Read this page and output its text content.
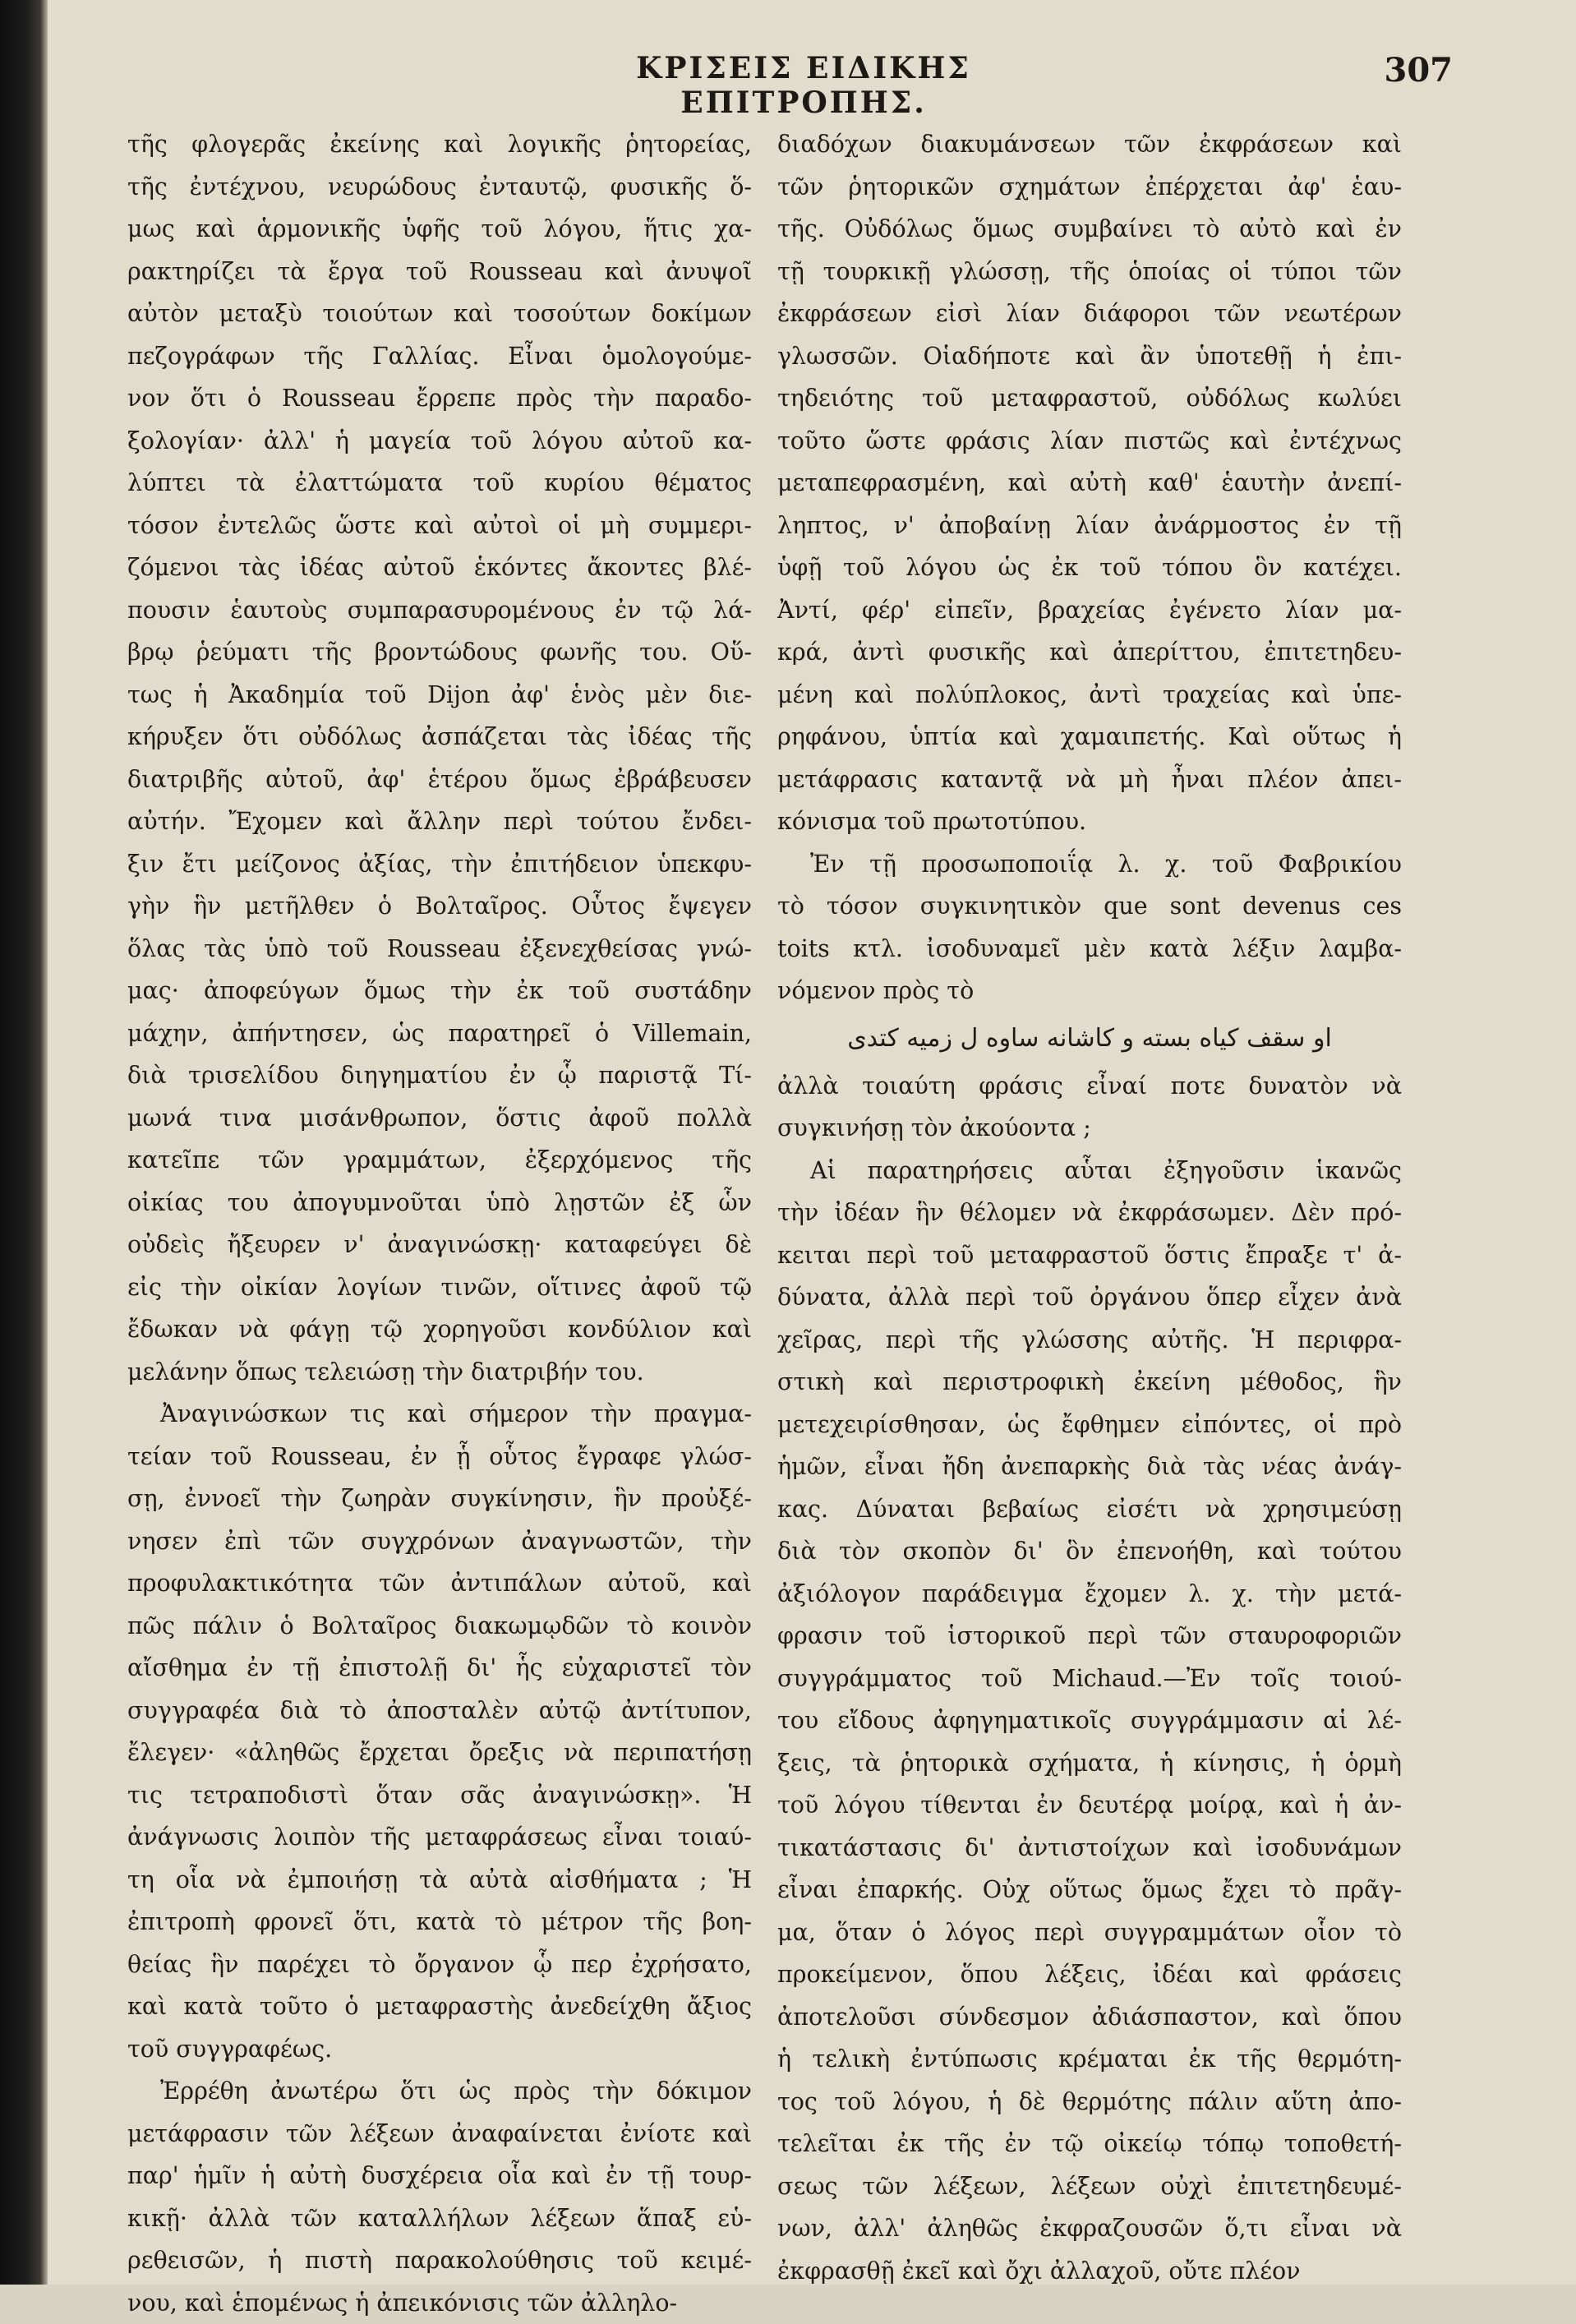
ΚΡΙΣΕΙΣ ΕΙΔΙΚΗΣ ΕΠΙΤΡΟΠΗΣ.
307
τῆς φλογερᾶς ἐκείνης καὶ λογικῆς ῥητορείας,
τῆς ἐντέχνου, νευρώδους ἐνταυτῷ, φυσικῆς ὅ-
μως καὶ ἁρμονικῆς ὑφῆς τοῦ λόγου, ἥτις χα-
ρακτηρίζει τὰ ἔργα τοῦ Rousseau καὶ ἀνυψοῖ
αὐτὸν μεταξὺ τοιούτων καὶ τοσούτων δοκίμων
πεζογράφων τῆς Γαλλίας. Εἶναι ὁμολογούμε-
νον ὅτι ὁ Rousseau ἔρρεπε πρὸς τὴν παραδο-
ξολογίαν· ἀλλ' ἡ μαγεία τοῦ λόγου αὐτοῦ κα-
λύπτει τὰ ἐλαττώματα τοῦ κυρίου θέματος
τόσον ἐντελῶς ὥστε καὶ αὐτοὶ οἱ μὴ συμμερι-
ζόμενοι τὰς ἰδέας αὐτοῦ ἑκόντες ἄκοντες βλέ-
πουσιν ἑαυτοὺς συμπαρασυρομένους ἐν τῷ λά-
βρῳ ῥεύματι τῆς βροντώδους φωνῆς του. Οὕ-
τως ἡ Ἀκαδημία τοῦ Dijon ἀφ' ἑνὸς μὲν διε-
κήρυξεν ὅτι οὐδόλως ἀσπάζεται τὰς ἰδέας τῆς
διατριβῆς αὐτοῦ, ἀφ' ἑτέρου ὅμως ἐβράβευσεν
αὐτήν. Ἔχομεν καὶ ἄλλην περὶ τούτου ἔνδει-
ξιν ἔτι μείζονος ἀξίας, τὴν ἐπιτήδειον ὑπεκφυ-
γὴν ἣν μετῆλθεν ὁ Βολταῖρος. Οὗτος ἔψεγεν
ὅλας τὰς ὑπὸ τοῦ Rousseau ἐξενεχθείσας γνώ-
μας· ἀποφεύγων ὅμως τὴν ἐκ τοῦ συστάδην
μάχην, ἀπήντησεν, ὡς παρατηρεῖ ὁ Villemain,
διὰ τρισελίδου διηγηματίου ἐν ᾧ παριστᾷ Τί-
μωνά τινα μισάνθρωπον, ὅστις ἀφοῦ πολλὰ
κατεῖπε τῶν γραμμάτων, ἐξερχόμενος τῆς
οἰκίας του ἀπογυμνοῦται ὑπὸ λῃστῶν ἐξ ὧν
οὐδεὶς ἤξευρεν ν' ἀναγινώσκῃ· καταφεύγει δὲ
εἰς τὴν οἰκίαν λογίων τινῶν, οἵτινες ἀφοῦ τῷ
ἔδωκαν νὰ φάγῃ τῷ χορηγοῦσι κονδύλιον καὶ
μελάνην ὅπως τελειώσῃ τὴν διατριβήν του.
Ἀναγινώσκων τις καὶ σήμερον τὴν πραγμα-
τείαν τοῦ Rousseau, ἐν ᾗ οὗτος ἔγραφε γλώσ-
σῃ, ἐννοεῖ τὴν ζωηρὰν συγκίνησιν, ἣν προὐξέ-
νησεν ἐπὶ τῶν συγχρόνων ἀναγνωστῶν, τὴν
προφυλακτικότητα τῶν ἀντιπάλων αὐτοῦ, καὶ
πῶς πάλιν ὁ Βολταῖρος διακωμῳδῶν τὸ κοινὸν
αἴσθημα ἐν τῇ ἐπιστολῇ δι' ἧς εὐχαριστεῖ τὸν
συγγραφέα διὰ τὸ ἀποσταλὲν αὐτῷ ἀντίτυπον,
ἔλεγεν· «ἀληθῶς ἔρχεται ὄρεξις νὰ περιπατήσῃ
τις τετραποδιστὶ ὅταν σᾶς ἀναγινώσκῃ». Ἡ
ἀνάγνωσις λοιπὸν τῆς μεταφράσεως εἶναι τοιαύ-
τη οἷα νὰ ἐμποιήσῃ τὰ αὐτὰ αἰσθήματα ; Ἡ
ἐπιτροπὴ φρονεῖ ὅτι, κατὰ τὸ μέτρον τῆς βοη-
θείας ἣν παρέχει τὸ ὄργανον ᾧ περ ἐχρήσατο,
καὶ κατὰ τοῦτο ὁ μεταφραστὴς ἀνεδείχθη ἄξιος
τοῦ συγγραφέως.
Ἐρρέθη ἀνωτέρω ὅτι ὡς πρὸς τὴν δόκιμον
μετάφρασιν τῶν λέξεων ἀναφαίνεται ἐνίοτε καὶ
παρ' ἡμῖν ἡ αὐτὴ δυσχέρεια οἷα καὶ ἐν τῇ τουρ-
κικῇ· ἀλλὰ τῶν καταλλήλων λέξεων ἅπαξ εὑ-
ρεθεισῶν, ἡ πιστὴ παρακολούθησις τοῦ κειμέ-
νου, καὶ ἑπομένως ἡ ἀπεικόνισις τῶν ἀλληλο-
διαδόχων διακυμάνσεων τῶν ἐκφράσεων καὶ
τῶν ῥητορικῶν σχημάτων ἐπέρχεται ἀφ' ἑαυ-
τῆς. Οὐδόλως ὅμως συμβαίνει τὸ αὐτὸ καὶ ἐν
τῇ τουρκικῇ γλώσσῃ, τῆς ὁποίας οἱ τύποι τῶν
ἐκφράσεων εἰσὶ λίαν διάφοροι τῶν νεωτέρων
γλωσσῶν. Οἱαδήποτε καὶ ἂν ὑποτεθῇ ἡ ἐπι-
τηδειότης τοῦ μεταφραστοῦ, οὐδόλως κωλύει
τοῦτο ὥστε φράσις λίαν πιστῶς καὶ ἐντέχνως
μεταπεφρασμένη, καὶ αὐτὴ καθ' ἑαυτὴν ἀνεπί-
ληπτος, ν' ἀποβαίνῃ λίαν ἀνάρμοστος ἐν τῇ
ὑφῇ τοῦ λόγου ὡς ἐκ τοῦ τόπου ὃν κατέχει.
Ἀντί, φέρ' εἰπεῖν, βραχείας ἐγένετο λίαν μα-
κρά, ἀντὶ φυσικῆς καὶ ἀπερίττου, ἐπιτετηδευ-
μένη καὶ πολύπλοκος, ἀντὶ τραχείας καὶ ὑπε-
ρηφάνου, ὑπτία καὶ χαμαιπετής. Καὶ οὕτως ἡ
μετάφρασις καταντᾷ νὰ μὴ ἦναι πλέον ἀπει-
κόνισμα τοῦ πρωτοτύπου.
Ἐν τῇ προσωποποιΐᾳ λ. χ. τοῦ Φαβρικίου
τὸ τόσον συγκινητικὸν que sont devenus ces
toits κτλ. ἰσοδυναμεῖ μὲν κατὰ λέξιν λαμβα-
νόμενον πρὸς τὸ
او سقف كياه بسته و كاشانه ساوه ل زميه كتدى
ἀλλὰ τοιαύτη φράσις εἶναί ποτε δυνατὸν νὰ
συγκινήσῃ τὸν ἀκούοντα ;
Αἱ παρατηρήσεις αὗται ἐξηγοῦσιν ἱκανῶς
τὴν ἰδέαν ἣν θέλομεν νὰ ἐκφράσωμεν. Δὲν πρό-
κειται περὶ τοῦ μεταφραστοῦ ὅστις ἔπραξε τ' ἀ-
δύνατα, ἀλλὰ περὶ τοῦ ὀργάνου ὅπερ εἶχεν ἀνὰ
χεῖρας, περὶ τῆς γλώσσης αὐτῆς. Ἡ περιφρα-
στικὴ καὶ περιστροφικὴ ἐκείνη μέθοδος, ἣν
μετεχειρίσθησαν, ὡς ἔφθημεν εἰπόντες, οἱ πρὸ
ἡμῶν, εἶναι ἤδη ἀνεπαρκὴς διὰ τὰς νέας ἀνάγ-
κας. Δύναται βεβαίως εἰσέτι νὰ χρησιμεύσῃ
διὰ τὸν σκοπὸν δι' ὃν ἐπενοήθη, καὶ τούτου
ἀξιόλογον παράδειγμα ἔχομεν λ. χ. τὴν μετά-
φρασιν τοῦ ἱστορικοῦ περὶ τῶν σταυροφοριῶν
συγγράμματος τοῦ Michaud.—Ἐν τοῖς τοιού-
του εἴδους ἀφηγηματικοῖς συγγράμμασιν αἱ λέ-
ξεις, τὰ ῥητορικὰ σχήματα, ἡ κίνησις, ἡ ὁρμὴ
τοῦ λόγου τίθενται ἐν δευτέρᾳ μοίρᾳ, καὶ ἡ ἀν-
τικατάστασις δι' ἀντιστοίχων καὶ ἰσοδυνάμων
εἶναι ἐπαρκής. Οὐχ οὕτως ὅμως ἔχει τὸ πρᾶγ-
μα, ὅταν ὁ λόγος περὶ συγγραμμάτων οἷον τὸ
προκείμενον, ὅπου λέξεις, ἰδέαι καὶ φράσεις
ἀποτελοῦσι σύνδεσμον ἀδιάσπαστον, καὶ ὅπου
ἡ τελικὴ ἐντύπωσις κρέμαται ἐκ τῆς θερμότη-
τος τοῦ λόγου, ἡ δὲ θερμότης πάλιν αὕτη ἀπο-
τελεῖται ἐκ τῆς ἐν τῷ οἰκείῳ τόπῳ τοποθετή-
σεως τῶν λέξεων, λέξεων οὐχὶ ἐπιτετηδευμέ-
νων, ἀλλ' ἀληθῶς ἐκφραζουσῶν ὅ,τι εἶναι νὰ
ἐκφρασθῇ ἐκεῖ καὶ ὄχι ἀλλαχοῦ, οὔτε πλέον
